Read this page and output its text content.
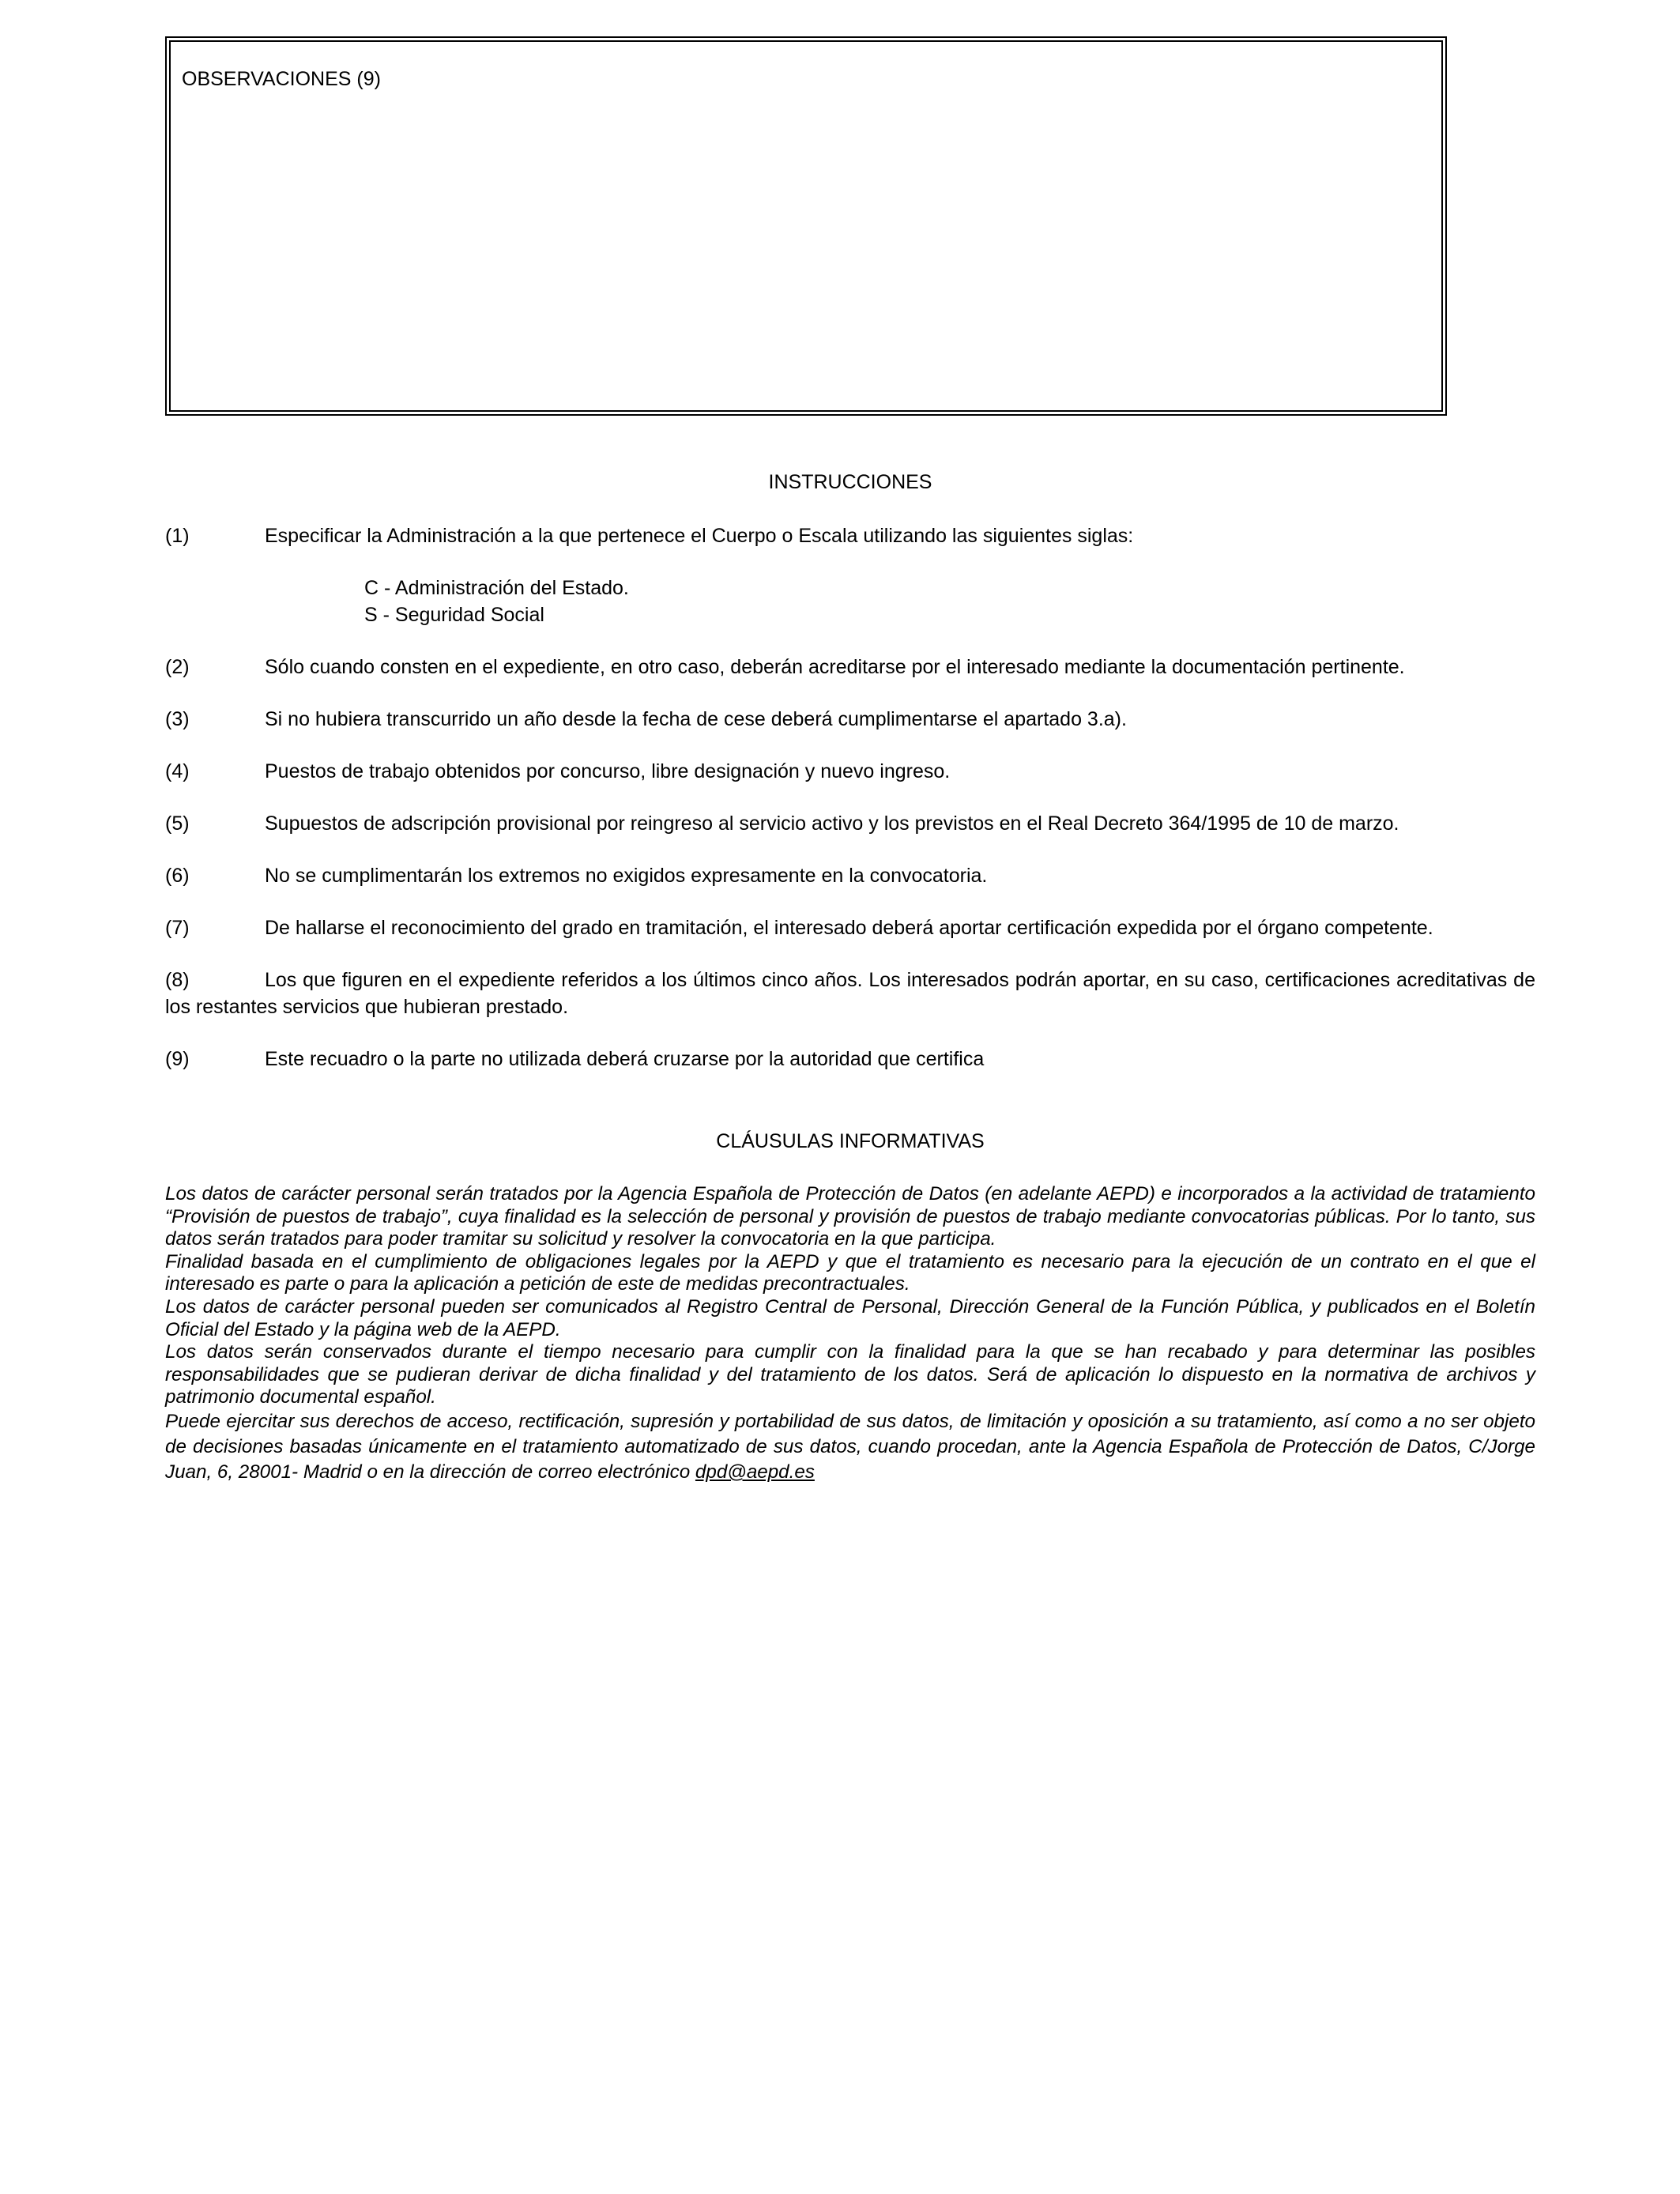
OBSERVACIONES (9)

INSTRUCCIONES
(1)	Especificar la Administración a la que pertenece el Cuerpo o Escala utilizando las siguientes siglas:
C - Administración del Estado.
S - Seguridad Social
(2)	Sólo cuando consten en el expediente, en otro caso, deberán acreditarse por el interesado mediante la documentación pertinente.
(3)	Si no hubiera transcurrido un año desde la fecha de cese deberá cumplimentarse el apartado 3.a).
(4)	Puestos de trabajo obtenidos por concurso, libre designación y nuevo ingreso.
(5)	Supuestos de adscripción provisional por reingreso al servicio activo y los previstos en el Real Decreto 364/1995 de 10 de marzo.
(6)	No se cumplimentarán los extremos no exigidos expresamente en la convocatoria.
(7)	De hallarse el reconocimiento del grado en tramitación, el interesado deberá aportar certificación expedida por el órgano competente.
(8)	Los que figuren en el expediente referidos a los últimos cinco años. Los interesados podrán aportar, en su caso, certificaciones acreditativas de los restantes servicios que hubieran prestado.
(9)	Este recuadro o la parte no utilizada deberá cruzarse por la autoridad que certifica
CLÁUSULAS INFORMATIVAS

Los datos de carácter personal serán tratados por la Agencia Española de Protección de Datos (en adelante AEPD) e incorporados a la actividad de tratamiento “Provisión de puestos de trabajo”, cuya finalidad es la selección de personal y provisión de puestos de trabajo mediante convocatorias públicas. Por lo tanto, sus datos serán tratados para poder tramitar su solicitud y resolver la convocatoria en la que participa.

Finalidad basada en el cumplimiento de obligaciones legales por la AEPD y que el tratamiento es necesario para la ejecución de un contrato en el que el interesado es parte o para la aplicación a petición de este de medidas precontractuales.

Los datos de carácter personal pueden ser comunicados al Registro Central de Personal, Dirección General de la Función Pública, y publicados en el Boletín Oficial del Estado y la página web de la AEPD.

Los datos serán conservados durante el tiempo necesario para cumplir con la finalidad para la que se han recabado y para determinar las posibles responsabilidades que se pudieran derivar de dicha finalidad y del tratamiento de los datos. Será de aplicación lo dispuesto en la normativa de archivos y patrimonio documental español.

Puede ejercitar sus derechos de acceso, rectificación, supresión y portabilidad de sus datos, de limitación y oposición a su tratamiento, así como a no ser objeto de decisiones basadas únicamente en el tratamiento automatizado de sus datos, cuando procedan, ante la Agencia Española de Protección de Datos, C/Jorge Juan, 6, 28001- Madrid o en la dirección de correo electrónico dpd@aepd.es
